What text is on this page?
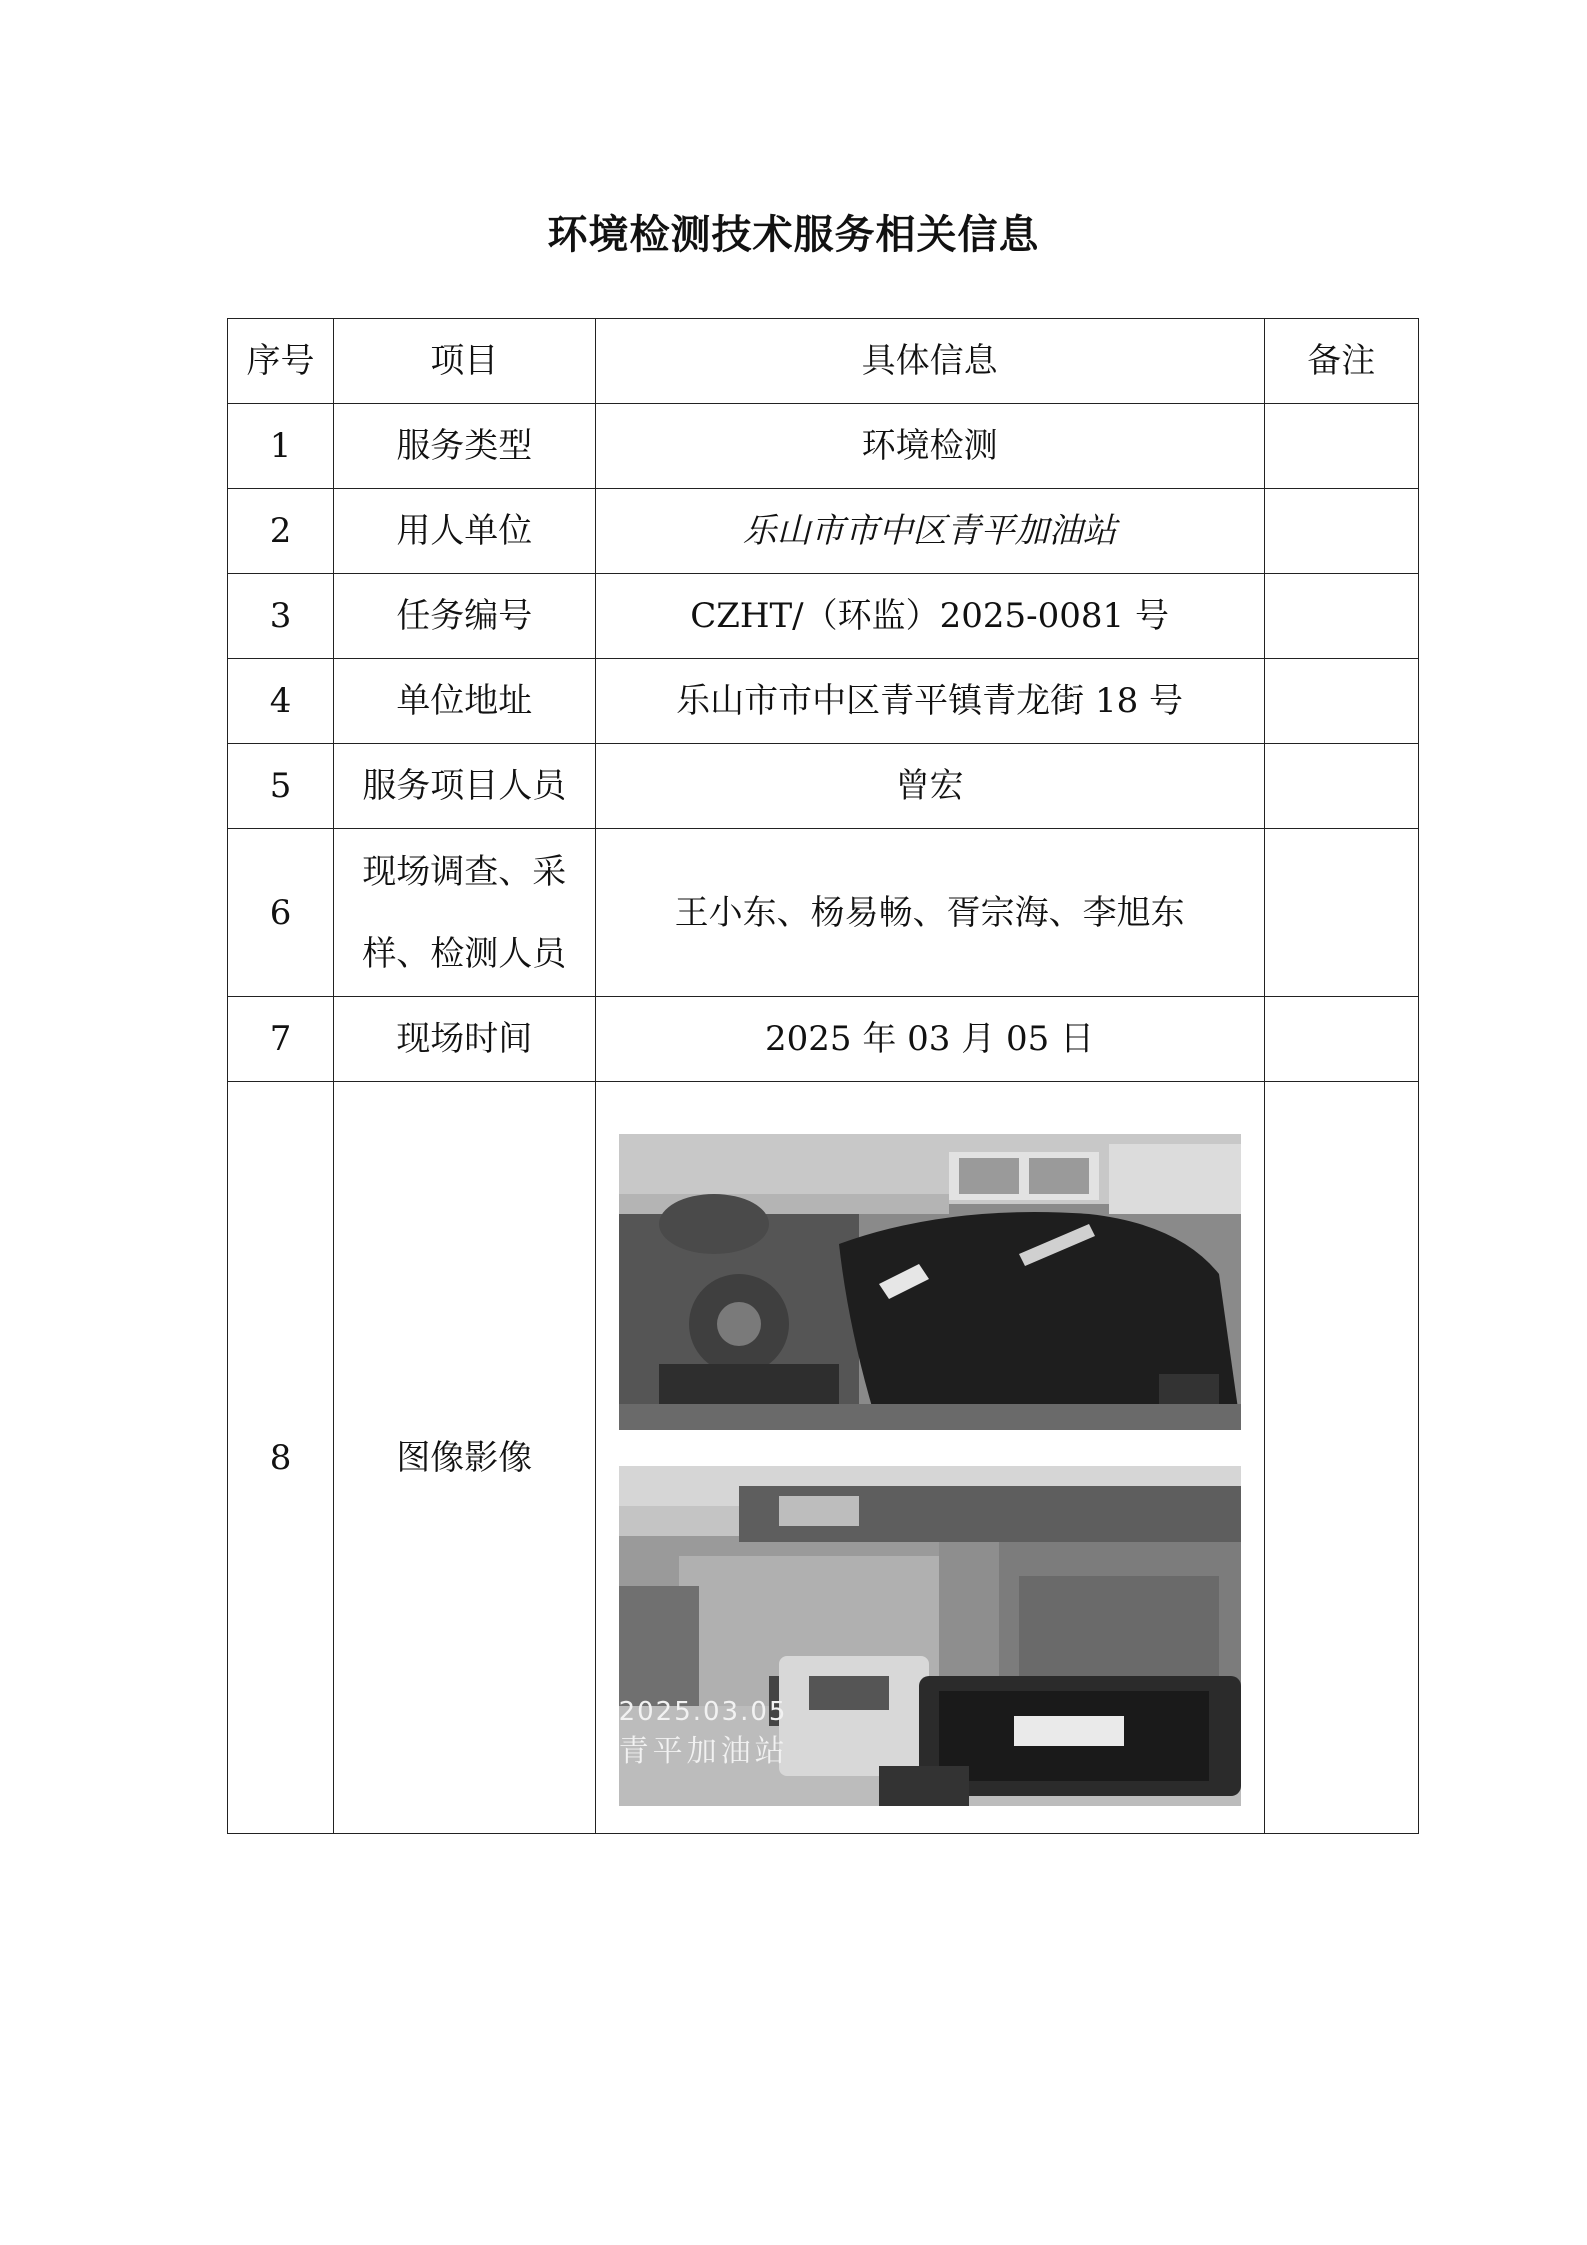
环境检测技术服务相关信息
序号	项目	具体信息	备注
1	服务类型	环境检测	
2	用人单位	乐山市市中区青平加油站	
3	任务编号	CZHT/（环监）2025-0081 号	
4	单位地址	乐山市市中区青平镇青龙街 18 号	
5	服务项目人员	曾宏	
6	现场调查、采样、检测人员	王小东、杨易畅、胥宗海、李旭东	
7	现场时间	2025 年 03 月 05 日	
8	图像影像	2025.03.05
青平加油站	
